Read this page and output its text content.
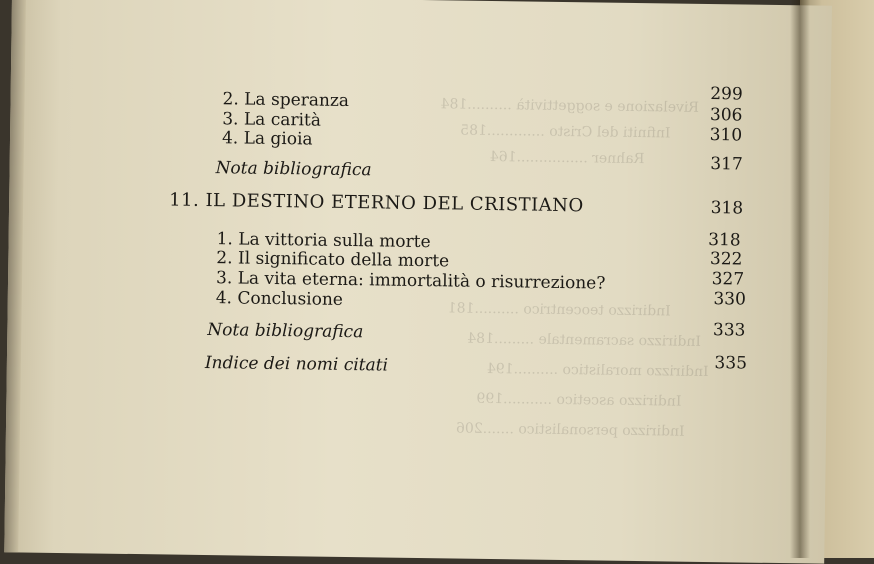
Rivelazione e soggettività ..........184
Infiniti del Cristo .............185
Rahner ................164
Indirizzo teocentrico ..........181
Indirizzo sacramentale .........184
Indirizzo moralistico ..........194
Indirizzo ascetico ...........199
Indirizzo personalistico .......206
2. La speranza	299
3. La carità	306
4. La gioia	310
Nota bibliografica	317
11. IL DESTINO ETERNO DEL CRISTIANO	318
1. La vittoria sulla morte	318
2. Il significato della morte	322
3. La vita eterna: immortalità o risurrezione?	327
4. Conclusione	330
Nota bibliografica	333
Indice dei nomi citati	335
